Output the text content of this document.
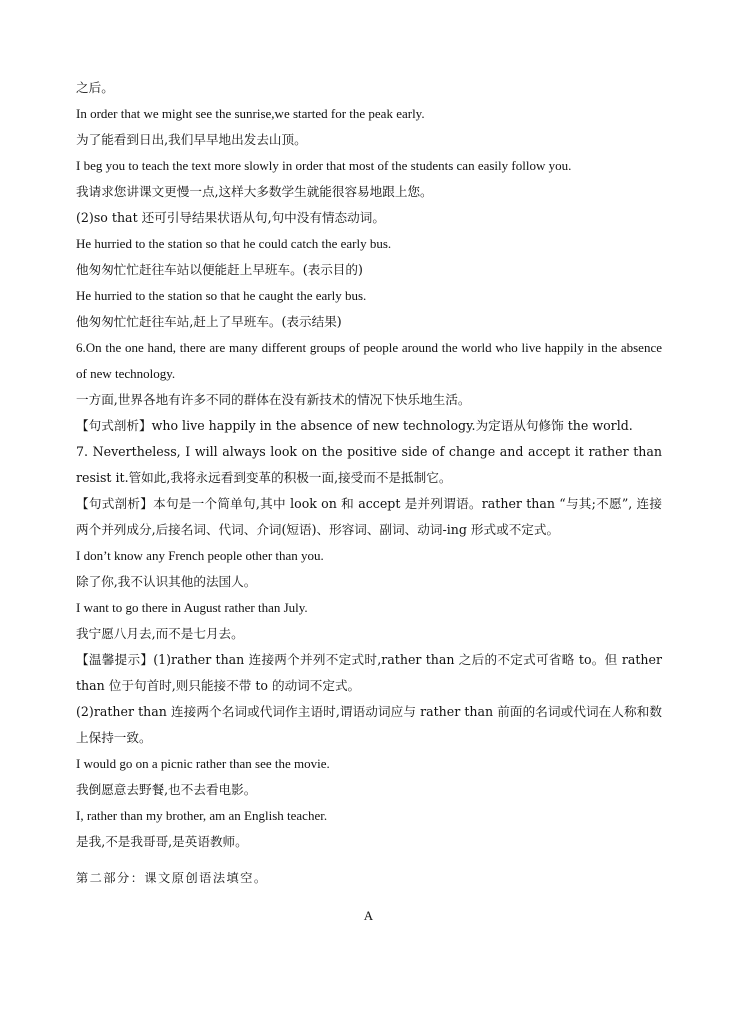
之后。
In order that we might see the sunrise,we started for the peak early.
为了能看到日出,我们早早地出发去山顶。
I beg you to teach the text more slowly in order that most of the students can easily follow you.
我请求您讲课文更慢一点,这样大多数学生就能很容易地跟上您。
(2)so that 还可引导结果状语从句,句中没有情态动词。
He hurried to the station so that he could catch the early bus.
他匆匆忙忙赶往车站以便能赶上早班车。(表示目的)
He hurried to the station so that he caught the early bus.
他匆匆忙忙赶往车站,赶上了早班车。(表示结果)
6.On the one hand, there are many different groups of people around the world who live happily in the absence of new technology.
一方面,世界各地有许多不同的群体在没有新技术的情况下快乐地生活。
【句式剖析】who live happily in the absence of new technology.为定语从句修饰 the world.
7. Nevertheless, I will always look on the positive side of change and accept it rather than resist it.管如此,我将永远看到变革的积极一面,接受而不是抵制它。
【句式剖析】本句是一个简单句,其中 look on 和 accept 是并列谓语。rather than “与其;不愿”, 连接两个并列成分,后接名词、代词、介词(短语)、形容词、副词、动词-ing 形式或不定式。
I don’t know any French people other than you.
除了你,我不认识其他的法国人。
I want to go there in August rather than July.
我宁愿八月去,而不是七月去。
【温馨提示】(1)rather than 连接两个并列不定式时,rather than 之后的不定式可省略 to。但 rather than 位于句首时,则只能接不带 to 的动词不定式。
(2)rather than 连接两个名词或代词作主语时,谓语动词应与 rather than 前面的名词或代词在人称和数上保持一致。
I would go on a picnic rather than see the movie.
我倒愿意去野餐,也不去看电影。
I, rather than my brother, am an English teacher.
是我,不是我哥哥,是英语教师。
第二部分：课文原创语法填空。
A
